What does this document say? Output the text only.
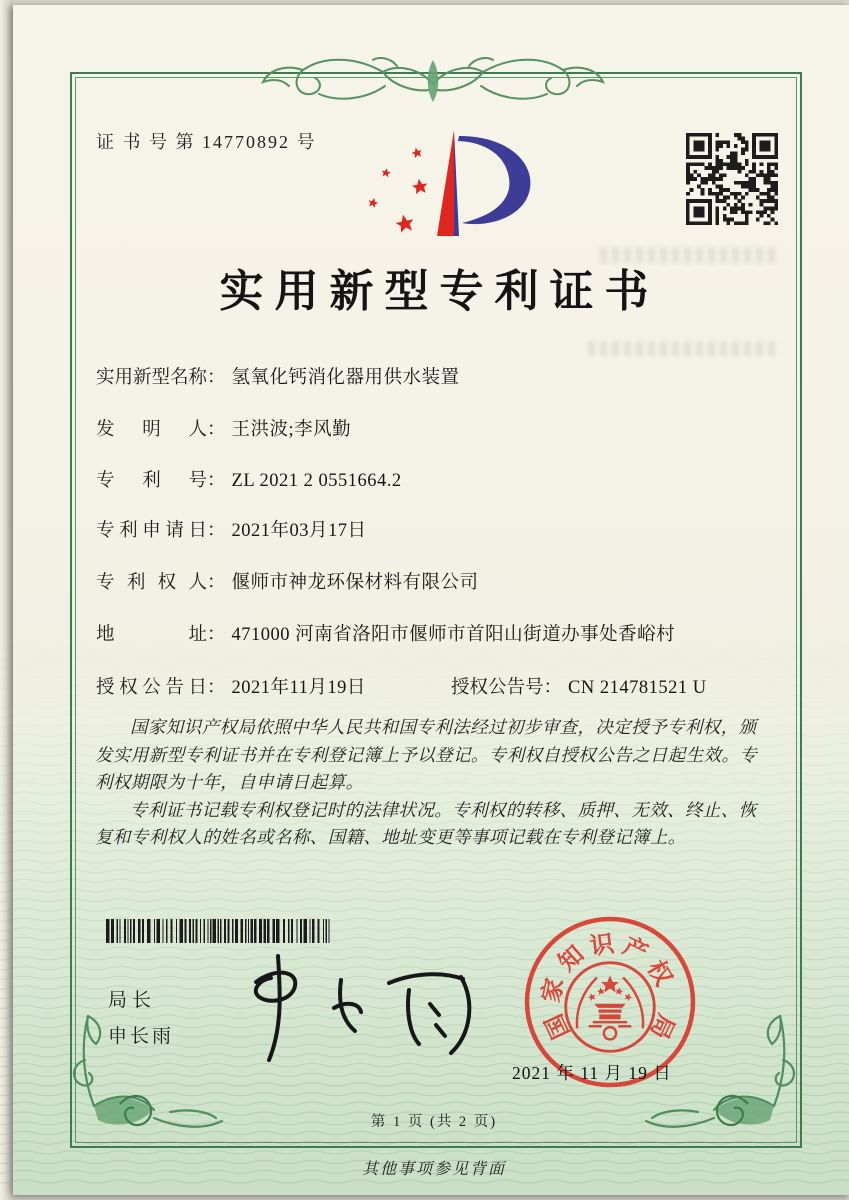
证 书 号 第 14770892 号
实用新型专利证书
实用新型名称： 氢氧化钙消化器用供水装置
发明人： 王洪波;李风勤
专利号： ZL 2021 2 0551664.2
专利申请日： 2021年03月17日
专利权人： 偃师市神龙环保材料有限公司
地址： 471000 河南省洛阳市偃师市首阳山街道办事处香峪村
授权公告日： 2021年11月19日	授权公告号： CN 214781521 U

国家知识产权局依照中华人民共和国专利法经过初步审查，决定授予专利权，颁发实用新型专利证书并在专利登记簿上予以登记。专利权自授权公告之日起生效。专利权期限为十年，自申请日起算。

专利证书记载专利权登记时的法律状况。专利权的转移、质押、无效、终止、恢复和专利权人的姓名或名称、国籍、地址变更等事项记载在专利登记簿上。

局长
申长雨	国
家
知
识 产
权
局
2021 年 11 月 19 日
第 1 页 (共 2 页)
其他事项参见背面
